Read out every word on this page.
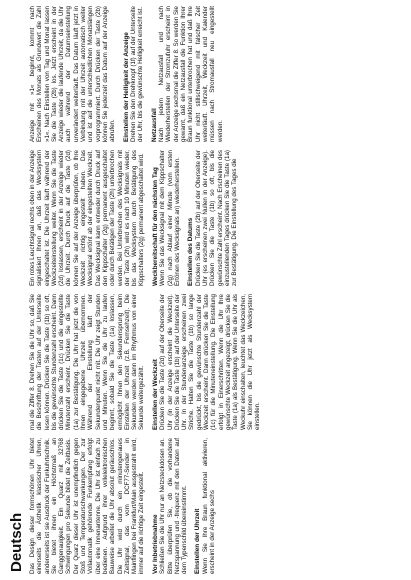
Deutsch Das Design dieser formschönen Uhr bietet einerseits die Ästhetik klassischer Uhren, andererseits ist sie Ausdruck der Funkuhrtechnik. Sie bietet ihnen ein Höchstmaß an Ganggenauigkeit. Ein Quarz mit 32768 Schwingungen pro Sekunde bildet die Zeitbasis. Der Quarz dieser Uhr ist unempfindlich gegen Stoß und Temperaturschwankungen. Der zur Vollautomatik gehörende Funkempfang erfolgt über eine Innenantenne. Die Uhr ist einfach zu bedienen. Aufgrund ihrer vollelektronischen Bauweise arbeitet die Uhr absolut geräuschlos. Die Uhr wird durch ein minutengenaues Zeitsignal, das vom DCF77-Sender in Mainflingen bei Frankfurt/Main ausgestrahlt wird, immer auf die richtige Zeit eingestellt. Vor Inbetriebnahme Schließen Sie die Uhr nur an Netzsteckdosen an. Bitte überprüfen Sie, ob die vorhandene Netzspannung und -frequenz mit den Daten auf dem Typenschild übereinstimmt. Einstellen der Uhrzeit Wenn Sie Ihre Braun funktional aktivieren, erscheint in der Anzeige sechs

mal die Ziffer 8. Drehen Sie die Uhr so, daß Sie die Beschriftung der Tasten auf der Unterseite lesen können. Drücken Sie die Taste (1b) so oft, bis die gewünschte Stundenzahl erscheint. Dann drücken Sie die Taste (1c) und die eingestellte Minutenzahl erscheint. Drücken Sie die Taste (1a) zur Bestätigung. Die Uhr hat jetzt die von Ihnen eingegebene Uhrzeit übernommen. Während der Einstellung läuft der Sekundenpunkt nicht mit. Die Uhr zeigt Stunden und Minuten. Wenn Sie die Uhr zu laufen beginnt, sobald Sie die Taste (1a) loslassen, ermöglicht Ihnen den Sekundensprung beim Einstellen der Uhrzeit (z.B. Fernsehzeit). Die Sekunden werden dann im Rhythmus von einer Sekunde weitergezählt. Einstellen der Weckzeit Drücken Sie die Taste (2d) auf der Oberseite der Uhr (in der Anzeige erscheint die Weckzeit). Drücken Sie die Taste (1b) auf der Unterseite der Uhr. In der Stundenanzeige erscheinen zwei Striche. Halten Sie die Taste (1b) so lange gedrückt, bis die gewünschte Stundenzahl der Weckzeit erscheint. Dann drücken Sie die Taste (1c) für die Minuteneinstellung. Die Einstellung erfolgt in Einerschritten. Wenn die Uhr Ihre gewünschte Weckzeit angezeigt, drücken Sie die Taste (1a) als Bestätigung. Wenn Sie die Uhr als Weckuhr einschalten, leuchtet das Weckzeichen, Sie können die Uhr jetzt als Wecksystem einstellen.

Ein rotes Leuchtsignal rechts oben in der Anzeige signalisiert Ihnen an, daß das Wecksystem eingeschaltet ist. Die Uhrzeit läuft während der Weckzeiteinstellung weiter. Wenn Sie die Taste (2d) loslassen, erscheint in der Anzeige wieder die Uhrzeit. Durch Druck auf die Taste (2d) können Sie auf der Anzeige überprüfen, ob Ihre Weckzeit richtig eingestellt haben. Das Wecksignal ertönt ab der eingestellten Weckzeit. Das Wecksignal kann entweder durch Druck auf den Kippschalter (2g) permanent ausgeschaltet oder durch Betätigen der Taste (2h) unterbrochen werden. Bei Unterbrechen des Wecksignals mit der Taste (2h) wird es nach 10 Minuten wieder, bis das Wecksystem durch Betätigung des Kippschalters (2g) permanent abgeschaltet wird. Weckbereitschaft für den nächsten Tag Wenn Sie das Wecksignal mit dem Kippschalter (2g) nach Ablauf einer Minute (vom ersten Ertönen des Wecksignals an) wiederherstellen. Einstellen des Datums Drücken Sie die Taste (2b) auf der Oberseite der Uhr (es erscheinen zwei Nullen in der Anzeige). Drücken Sie die Taste (1b) so oft, bis die gewünschte Zahl erscheint. Nach Erscheinen des einzustellenden Tages drücken Sie die Taste (1a) zur Bestätigung. Die Einstellung des Tages die

Anzeige mit »1« beginnt, kommt nach Erscheinen des Monats als Grundwert die Zahl »1«. Nach Einstellen von Tag und Monat lassen Sie die Taste (2b) los. Jetzt erscheint in der Anzeige wieder die laufende Uhrzeit, da die Uhr auch während der Datumseinstellung unverändert weiterläuft. Das Datum läuft jetzt in Verbindung mit der Uhrzeit automatisch weiter und ist auf die unterschiedlichen Monatslängen vorprogrammiert. Durch Drücken der Taste (2b) können Sie jederzeit das Datum auf der Anzeige abrufen. Einstellen der Helligkeit der Anzeige Drehen Sie den Drehknopf (1f) auf der Unterseite der Uhr, bis die gewünschte Helligkeit erreicht ist. Netzausfall Nach jedem Netzausfall und nach Wiederherstellen der Stromzufuhr erscheint in der Anzeige sechsmal die Ziffer 8. So werden Sie gewarnt, daß ein Netzausfall die Funktion Ihrer Braun funktional unterbrochen hat und daß Ihre Uhr nicht stillschweigend mit falscher Zeit weiterläuft. Uhrzeit, Weckzeit und Kalender müssen nach Stromausfall neu eingestellt werden.
